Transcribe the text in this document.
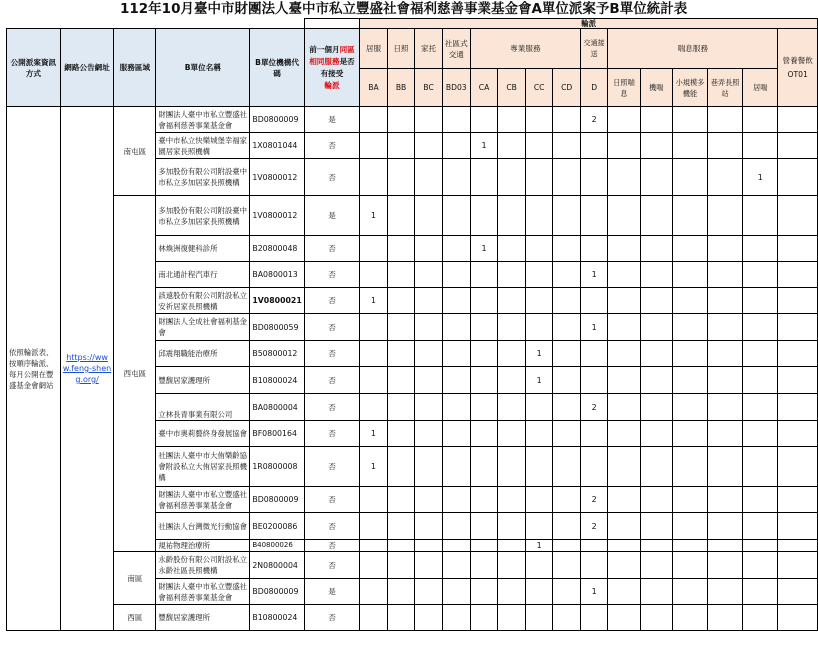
112年10月臺中市財團法人臺中市私立豐盛社會福利慈善事業基金會A單位派案予B單位統計表
						輪派														
公開派案資訊方式	網路公告網址	服務區域	B單位名稱	B單位機構代碼	前一個月同區
相同服務是否有接受
輪派	居服	日照	家托	社區式交通	專業服務				交通接送	喘息服務					營養餐飲
OT01
						BA	BB	BC	BD03	CA	CB	CC	CD	D	日照喘息	機喘	小規模多機能	巷弄長照站	居喘	
依照輪派表、按順序輪派、每月公開在豐盛基金會網站	https://www.feng-sheng.org/	南屯區	財團法人臺中市私立豐盛社會福利慈善事業基金會	BD0800009	是									2						
			臺中市私立快樂城堡幸福家園居家長照機構	1X0801044	否					1										
			多加股份有限公司附設臺中市私立多加居家長照機構	1V0800012	否														1	
		西屯區	多加股份有限公司附設臺中市私立多加居家長照機構	1V0800012	是	1														
			林煥洲復健科診所	B20800048	否					1										
			南北通計程汽車行	BA0800013	否									1						
			該遠股份有限公司附設私立安祈居家長照機構	1V0800021	否	1														
			財團法人全成社會福利基金會	BD0800059	否									1						
			邱震翔職能治療所	B50800012	否							1								
			豐馥居家護理所	B10800024	否							1								
			立林長青事業有限公司	BA0800004	否									2						
			臺中市奧莉藝終身發展協會	BF0800164	否	1														
			社團法人臺中市大侑樂齡協會附設私立大侑居家長照機構	1R0800008	否	1														
			財團法人臺中市私立豐盛社會福利慈善事業基金會	BD0800009	否									2						
			社團法人台灣微光行動協會	BE0200086	否									2						
			規祐物理治療所	B40800026	否							1								
		南區	永齡股份有限公司附設私立永齡社區長照機構	2N0800004	否															
			財團法人臺中市私立豐盛社會福利慈善事業基金會	BD0800009	是									1						
		西區	豐馥居家護理所	B10800024	否															
